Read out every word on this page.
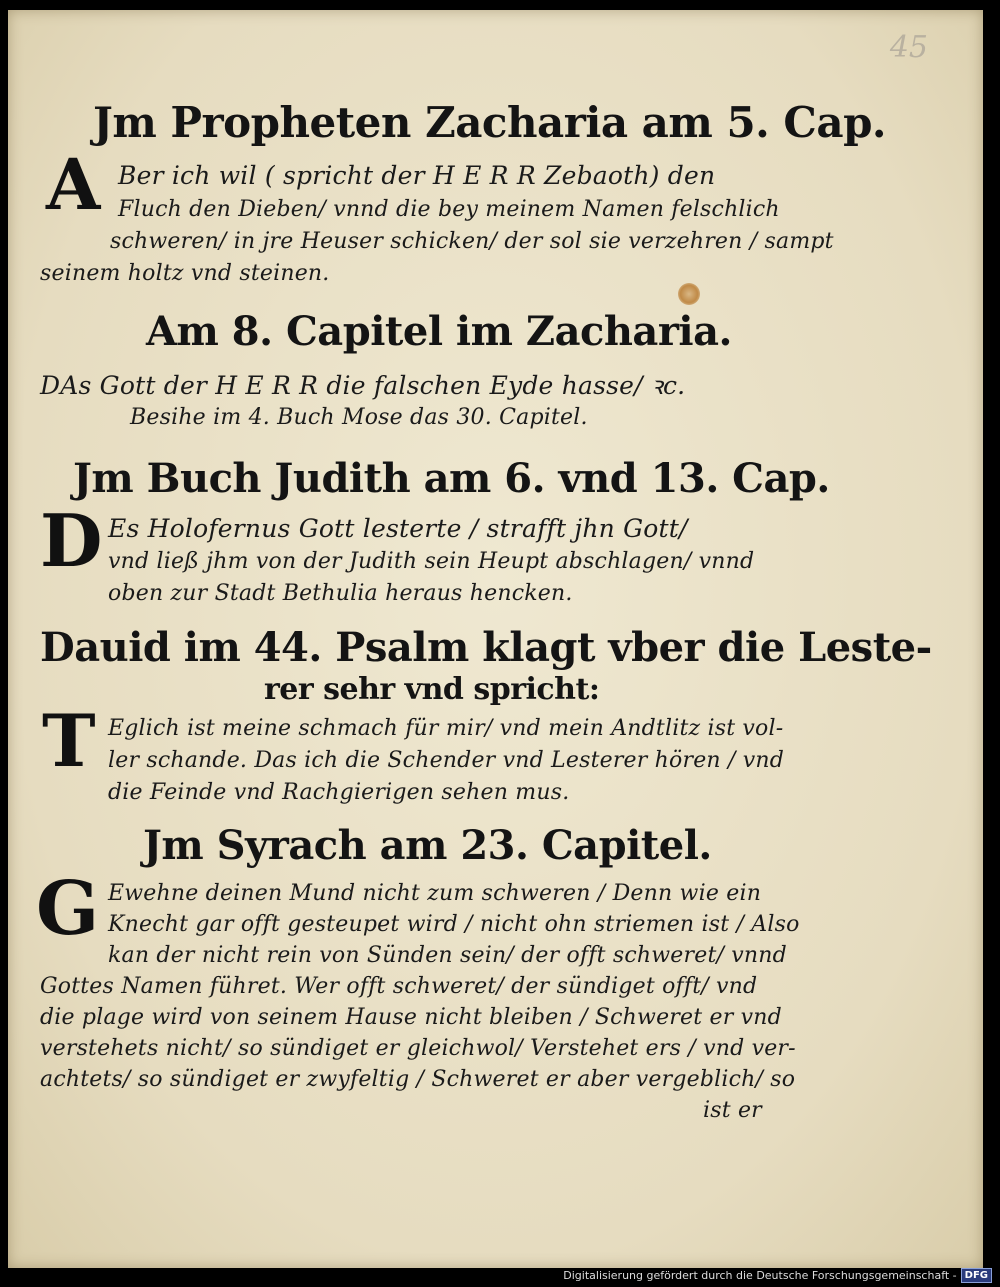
45
Jm Propheten Zacharia am 5. Cap.
A Ber ich wil ( spricht der H E R R Zebaoth) den

Fluch den Dieben/ vnnd die bey meinem Namen felschlich

schweren/ in jre Heuser schicken/ der sol sie verzehren / sampt

seinem holtz vnd steinen.

Am 8. Capitel im Zacharia.

DAs Gott der H E R R die falschen Eyde hasse/ ꝛc.

Besihe im 4. Buch Mose das 30. Capitel.

Jm Buch Judith am 6. vnd 13. Cap.
D Es Holofernus Gott lesterte / strafft jhn Gott/

vnd ließ jhm von der Judith sein Heupt abschlagen/ vnnd

oben zur Stadt Bethulia heraus hencken.

Dauid im 44. Psalm klagt vber die Leste-
rer sehr vnd spricht:
T Eglich ist meine schmach für mir/ vnd mein Andtlitz ist vol-

ler schande. Das ich die Schender vnd Lesterer hören / vnd

die Feinde vnd Rachgierigen sehen mus.

Jm Syrach am 23. Capitel.
G Ewehne deinen Mund nicht zum schweren / Denn wie ein

Knecht gar offt gesteupet wird / nicht ohn striemen ist / Also

kan der nicht rein von Sünden sein/ der offt schweret/ vnnd

Gottes Namen führet. Wer offt schweret/ der sündiget offt/ vnd

die plage wird von seinem Hause nicht bleiben / Schweret er vnd

verstehets nicht/ so sündiget er gleichwol/ Verstehet ers / vnd ver-

achtets/ so sündiget er zwyfeltig / Schweret er aber vergeblich/ so

ist er

Digitalisierung gefördert durch die Deutsche Forschungsgemeinschaft - DFG
